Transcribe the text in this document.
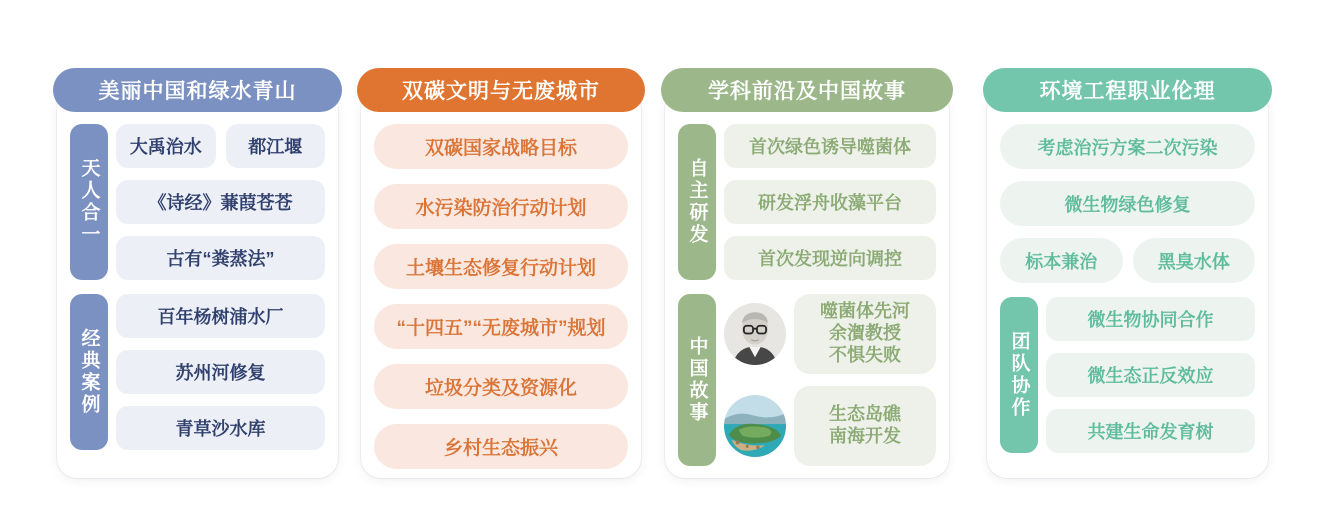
美丽中国和绿水青山	双碳文明与无废城市	学科前沿及中国故事	环境工程职业伦理
天人合一
大禹治水	都江堰
《诗经》蒹葭苍苍
古有“粪蒸法”
经典案例
百年杨树浦水厂
苏州河修复
青草沙水库
双碳国家战略目标
水污染防治行动计划
土壤生态修复行动计划
“十四五”“无废城市”规划
垃圾分类及资源化
乡村生态振兴
自主研发
首次绿色诱导噬菌体
研发浮舟收藻平台
首次发现逆向调控
中国故事
噬菌体先河
余㵑教授
不惧失败
生态岛礁
南海开发
考虑治污方案二次污染
微生物绿色修复
标本兼治	黑臭水体
团队协作
微生物协同合作
微生态正反效应
共建生命发育树
